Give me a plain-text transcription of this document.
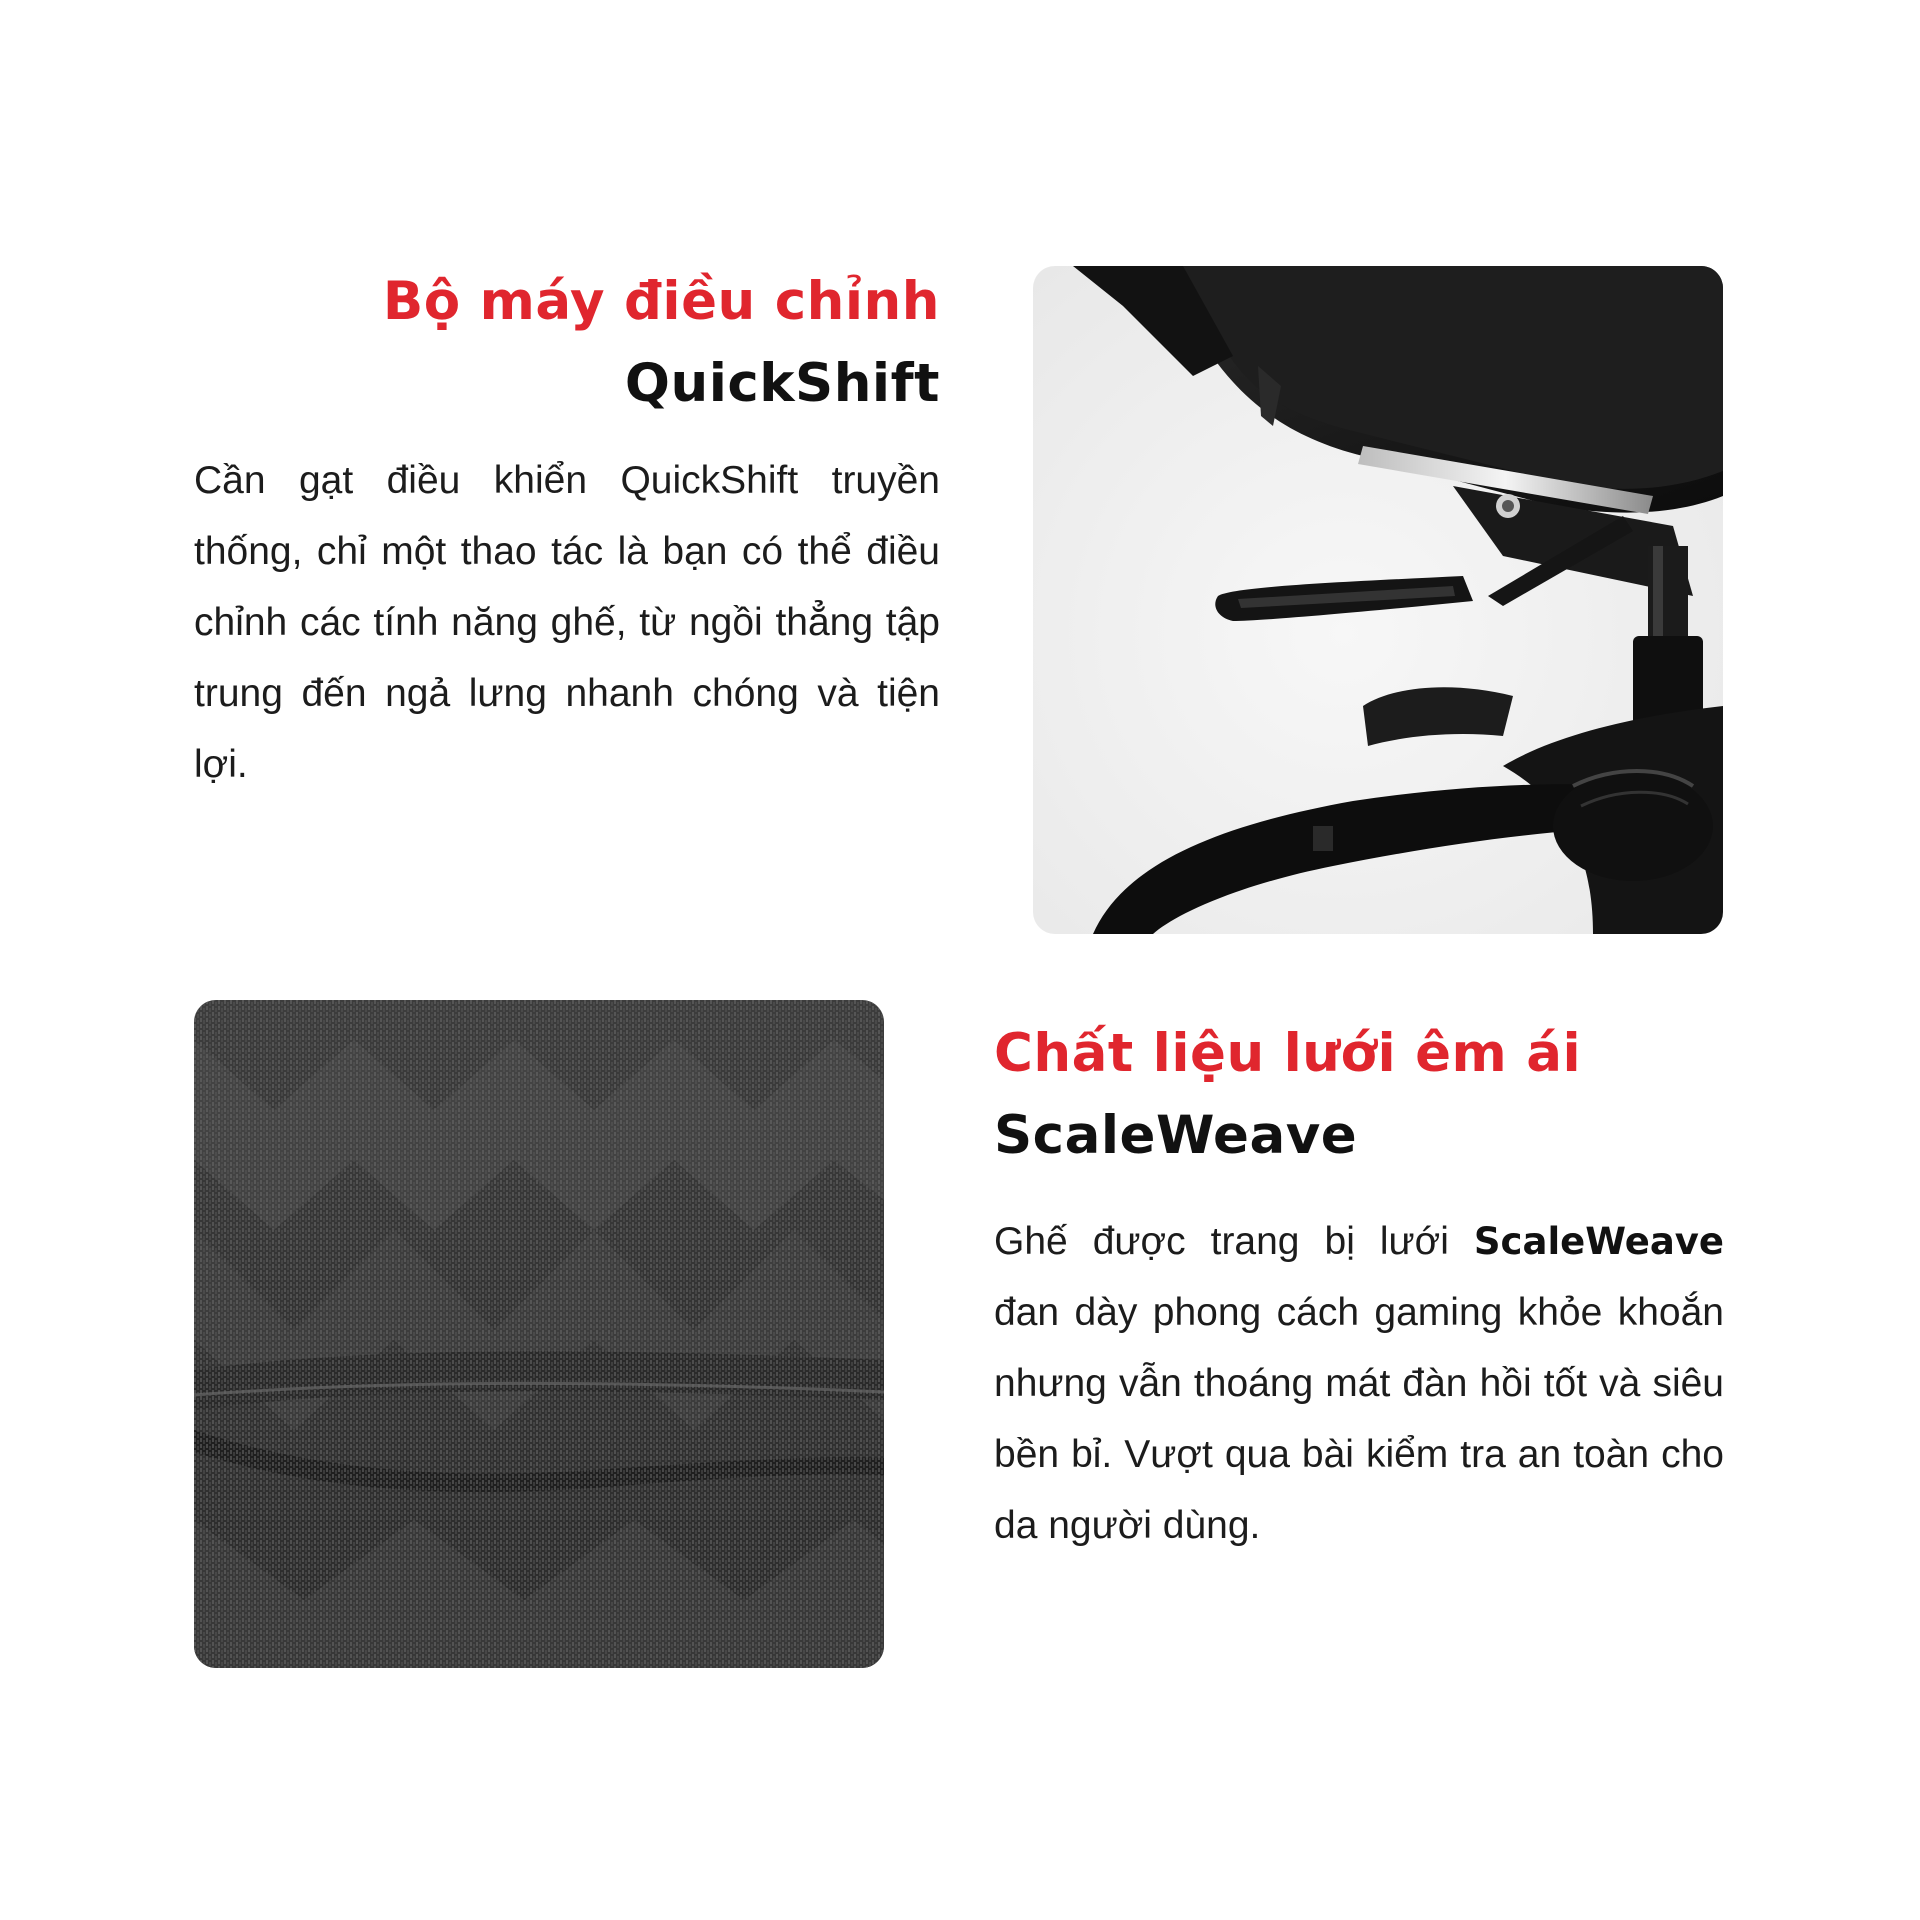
Bộ máy điều chỉnh
QuickShift

Cần gạt điều khiển QuickShift truyền thống, chỉ một thao tác là bạn có thể điều chỉnh các tính năng ghế, từ ngồi thẳng tập trung đến ngả lưng nhanh chóng và tiện lợi.

Chất liệu lưới êm ái
ScaleWeave

Ghế được trang bị lưới ScaleWeave đan dày phong cách gaming khỏe khoắn nhưng vẫn thoáng mát đàn hồi tốt và siêu bền bỉ. Vượt qua bài kiểm tra an toàn cho da người dùng.
